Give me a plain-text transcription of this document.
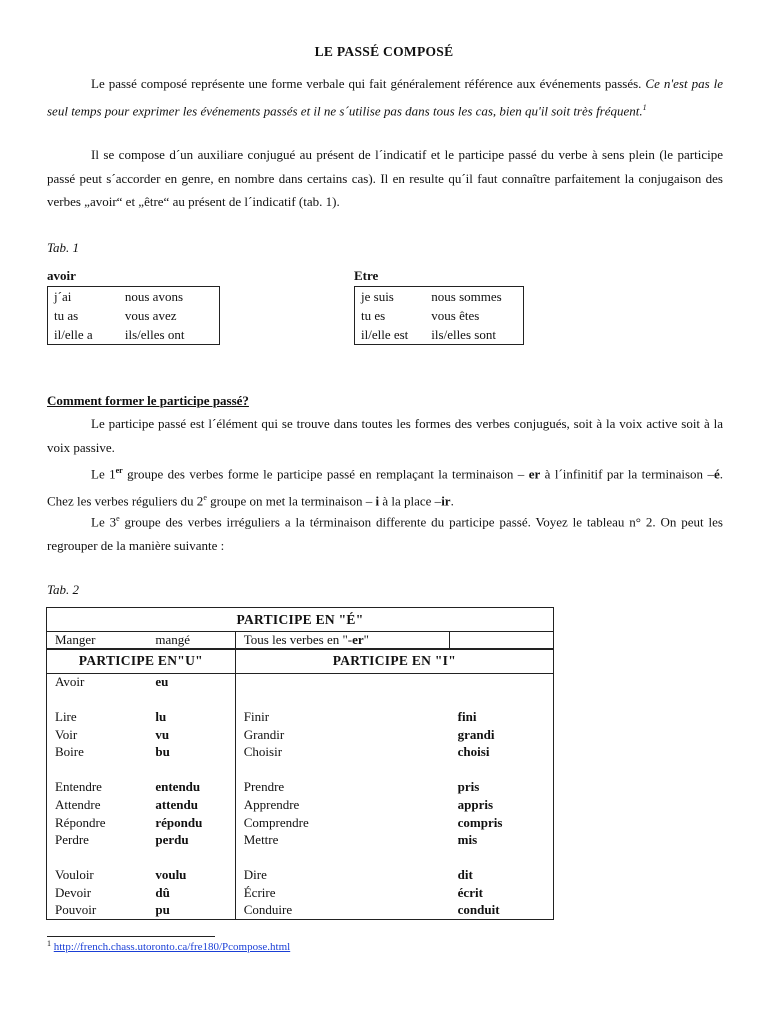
LE PASSÉ COMPOSÉ
Le passé composé représente une forme verbale qui fait généralement référence aux événements passés. Ce n'est pas le seul temps pour exprimer les événements passés et il ne s´utilise pas dans tous les cas, bien qu'il soit très fréquent.$^1$
Il se compose d´un auxiliare conjugué au présent de l´indicatif et le participe passé du verbe à sens plein (le participe passé peut s´accorder en genre, en nombre dans certains cas). Il en resulte qu´il faut connaître parfaitement la conjugaison des verbes „avoir“ et „être“ au présent de l´indicatif (tab. 1).
Tab. 1
avoir
j´ai	nous avons
tu as	vous avez
il/elle a	ils/elles ont
Etre
je suis	nous sommes
tu es	vous êtes
il/elle est	ils/elles sont
Comment former le participe passé?
Le participe passé est l´élément qui se trouve dans toutes les formes des verbes conjugués, soit à la voix active soit à la voix passive.
Le 1er groupe des verbes forme le participe passé en remplaçant la terminaison – er à l´infinitif par la terminaison –é. Chez les verbes réguliers du 2e groupe on met la terminaison – i à la place –ir.
Le 3e groupe des verbes irréguliers a la términaison differente du participe passé. Voyez le tableau n° 2. On peut les regrouper de la manière suivante :
Tab. 2
PARTICIPE EN "É"			
Manger	mangé	Tous les verbes en "-er"	
PARTICIPE EN"U"		PARTICIPE EN "I"	
Avoir	eu		

Lire	lu	Finir	fini
Voir	vu	Grandir	grandi
Boire	bu	Choisir	choisi

Entendre	entendu	Prendre	pris
Attendre	attendu	Apprendre	appris
Répondre	répondu	Comprendre	compris
Perdre	perdu	Mettre	mis

Vouloir	voulu	Dire	dit
Devoir	dû	Écrire	écrit
Pouvoir	pu	Conduire	conduit
$^1$ http://french.chass.utoronto.ca/fre180/Pcompose.html
